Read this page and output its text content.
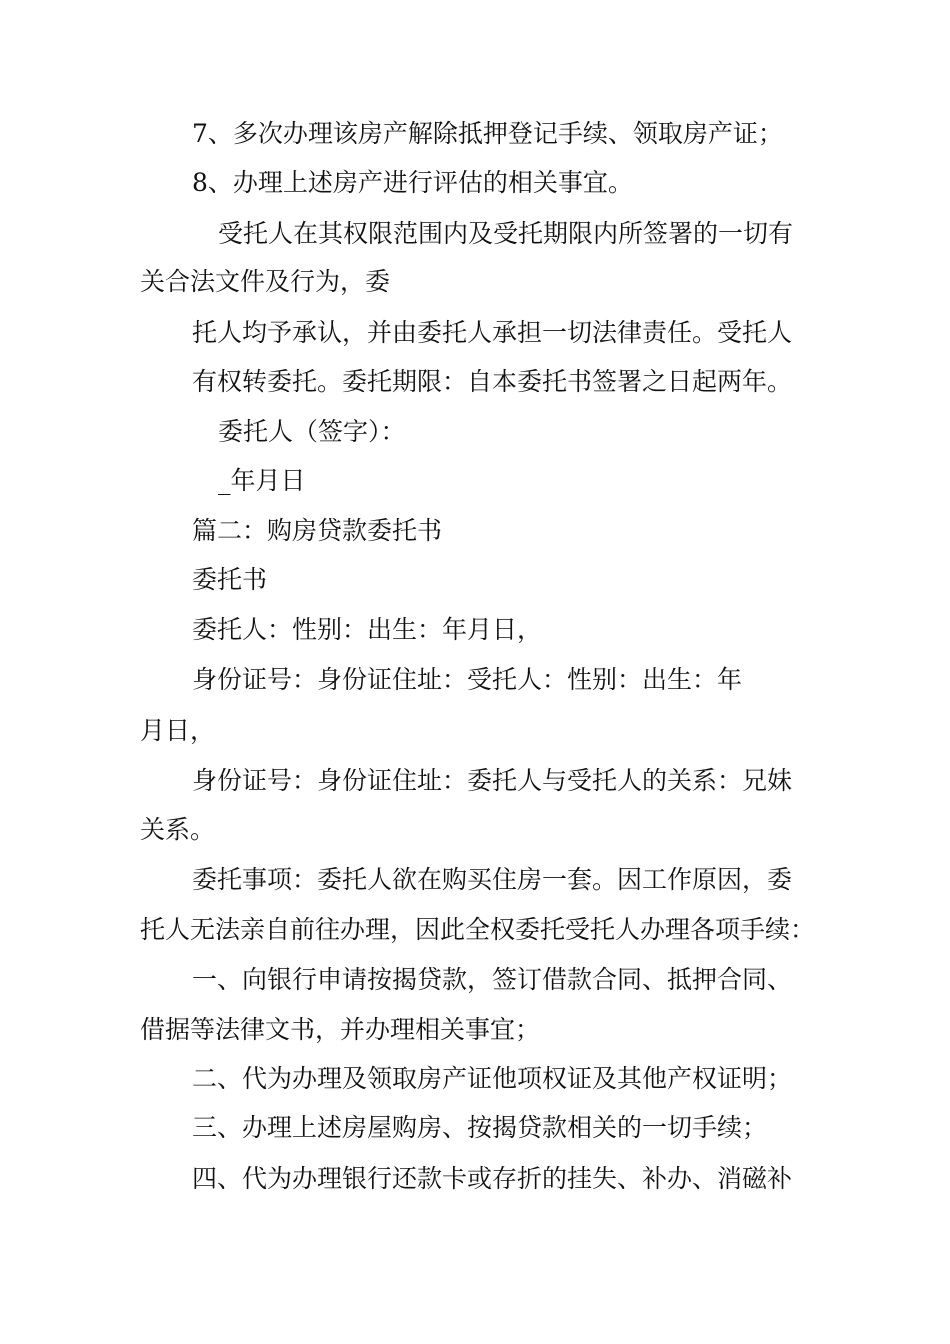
7、多次办理该房产解除抵押登记手续、领取房产证；
8、办理上述房产进行评估的相关事宜。
受托人在其权限范围内及受托期限内所签署的一切有
关合法文件及行为，委
托人均予承认，并由委托人承担一切法律责任。受托人
有权转委托。委托期限：自本委托书签署之日起两年。
委托人（签字）：
_年月日
篇二：购房贷款委托书
委托书
委托人：性别：出生：年月日，
身份证号：身份证住址：受托人：性别：出生：年
月日，
身份证号：身份证住址：委托人与受托人的关系：兄妹
关系。
委托事项：委托人欲在购买住房一套。因工作原因，委
托人无法亲自前往办理，因此全权委托受托人办理各项手续：
一、向银行申请按揭贷款，签订借款合同、抵押合同、
借据等法律文书，并办理相关事宜；
二、代为办理及领取房产证他项权证及其他产权证明；
三、办理上述房屋购房、按揭贷款相关的一切手续；
四、代为办理银行还款卡或存折的挂失、补办、消磁补
